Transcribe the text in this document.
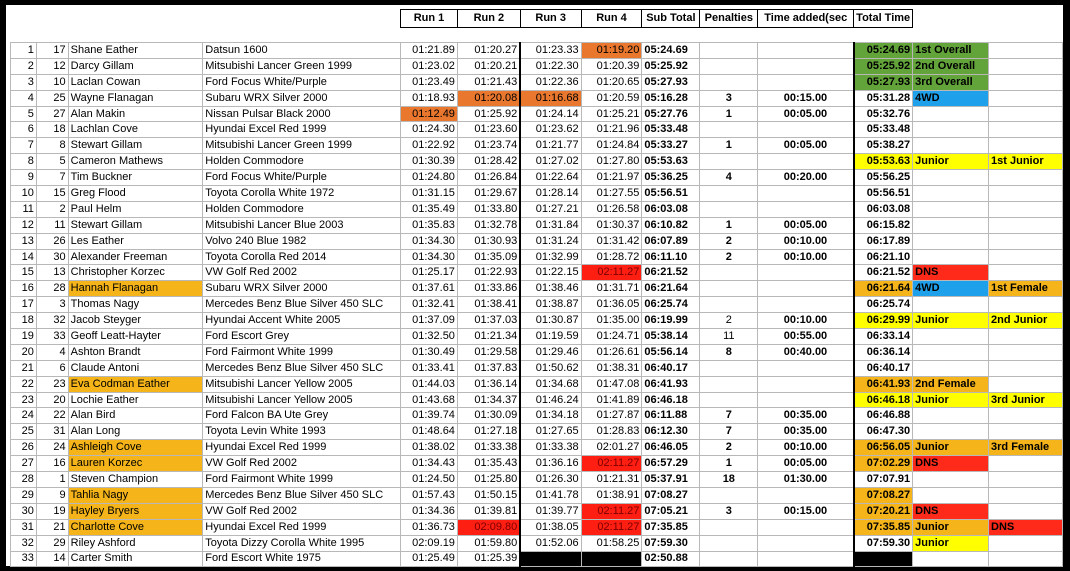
				Run 1	Run 2	Run 3	Run 4	Sub Total	Penalties	Time added(sec	Total Time		

1	17	Shane Eather	Datsun 1600	01:21.89	01:20.27	01:23.33	01:19.20	05:24.69			05:24.69	1st Overall	
2	12	Darcy Gillam	Mitsubishi Lancer Green 1999	01:23.02	01:20.21	01:22.30	01:20.39	05:25.92			05:25.92	2nd Overall	
3	10	Laclan Cowan	Ford Focus White/Purple	01:23.49	01:21.43	01:22.36	01:20.65	05:27.93			05:27.93	3rd Overall	
4	25	Wayne Flanagan	Subaru WRX Silver 2000	01:18.93	01:20.08	01:16.68	01:20.59	05:16.28	3	00:15.00	05:31.28	4WD	
5	27	Alan Makin	Nissan Pulsar Black 2000	01:12.49	01:25.92	01:24.14	01:25.21	05:27.76	1	00:05.00	05:32.76		
6	18	Lachlan Cove	Hyundai Excel Red 1999	01:24.30	01:23.60	01:23.62	01:21.96	05:33.48			05:33.48		
7	8	Stewart Gillam	Mitsubishi Lancer Green 1999	01:22.92	01:23.74	01:21.77	01:24.84	05:33.27	1	00:05.00	05:38.27		
8	5	Cameron Mathews	Holden Commodore	01:30.39	01:28.42	01:27.02	01:27.80	05:53.63			05:53.63	Junior	1st Junior
9	7	Tim Buckner	Ford Focus White/Purple	01:24.80	01:26.84	01:22.64	01:21.97	05:36.25	4	00:20.00	05:56.25		
10	15	Greg Flood	Toyota Corolla White 1972	01:31.15	01:29.67	01:28.14	01:27.55	05:56.51			05:56.51		
11	2	Paul Helm	Holden Commodore	01:35.49	01:33.80	01:27.21	01:26.58	06:03.08			06:03.08		
12	11	Stewart Gillam	Mitsubishi Lancer Blue 2003	01:35.83	01:32.78	01:31.84	01:30.37	06:10.82	1	00:05.00	06:15.82		
13	26	Les Eather	Volvo 240 Blue 1982	01:34.30	01:30.93	01:31.24	01:31.42	06:07.89	2	00:10.00	06:17.89		
14	30	Alexander Freeman	Toyota Corolla Red 2014	01:34.30	01:35.09	01:32.99	01:28.72	06:11.10	2	00:10.00	06:21.10		
15	13	Christopher Korzec	VW Golf Red 2002	01:25.17	01:22.93	01:22.15	02:11.27	06:21.52			06:21.52	DNS	
16	28	Hannah Flanagan	Subaru WRX Silver 2000	01:37.61	01:33.86	01:38.46	01:31.71	06:21.64			06:21.64	4WD	1st Female
17	3	Thomas Nagy	Mercedes Benz Blue Silver 450 SLC	01:32.41	01:38.41	01:38.87	01:36.05	06:25.74			06:25.74		
18	32	Jacob Steyger	Hyundai Accent White 2005	01:37.09	01:37.03	01:30.87	01:35.00	06:19.99	2	00:10.00	06:29.99	Junior	2nd Junior
19	33	Geoff Leatt-Hayter	Ford Escort Grey	01:32.50	01:21.34	01:19.59	01:24.71	05:38.14	11	00:55.00	06:33.14		
20	4	Ashton Brandt	Ford Fairmont White 1999	01:30.49	01:29.58	01:29.46	01:26.61	05:56.14	8	00:40.00	06:36.14		
21	6	Claude Antoni	Mercedes Benz Blue Silver 450 SLC	01:33.41	01:37.83	01:50.62	01:38.31	06:40.17			06:40.17		
22	23	Eva Codman Eather	Mitsubishi Lancer Yellow 2005	01:44.03	01:36.14	01:34.68	01:47.08	06:41.93			06:41.93	2nd Female	
23	20	Lochie Eather	Mitsubishi Lancer Yellow 2005	01:43.68	01:34.37	01:46.24	01:41.89	06:46.18			06:46.18	Junior	3rd Junior
24	22	Alan Bird	Ford Falcon BA Ute Grey	01:39.74	01:30.09	01:34.18	01:27.87	06:11.88	7	00:35.00	06:46.88		
25	31	Alan Long	Toyota Levin White 1993	01:48.64	01:27.18	01:27.65	01:28.83	06:12.30	7	00:35.00	06:47.30		
26	24	Ashleigh Cove	Hyundai Excel Red 1999	01:38.02	01:33.38	01:33.38	02:01.27	06:46.05	2	00:10.00	06:56.05	Junior	3rd Female
27	16	Lauren Korzec	VW Golf Red 2002	01:34.43	01:35.43	01:36.16	02:11.27	06:57.29	1	00:05.00	07:02.29	DNS	
28	1	Steven Champion	Ford Fairmont White 1999	01:24.50	01:25.80	01:26.30	01:21.31	05:37.91	18	01:30.00	07:07.91		
29	9	Tahlia Nagy	Mercedes Benz Blue Silver 450 SLC	01:57.43	01:50.15	01:41.78	01:38.91	07:08.27			07:08.27		
30	19	Hayley Bryers	VW Golf Red 2002	01:34.36	01:39.81	01:39.77	02:11.27	07:05.21	3	00:15.00	07:20.21	DNS	
31	21	Charlotte Cove	Hyundai Excel Red 1999	01:36.73	02:09.80	01:38.05	02:11.27	07:35.85			07:35.85	Junior	DNS
32	29	Riley Ashford	Toyota Dizzy Corolla White 1995	02:09.19	01:59.80	01:52.06	01:58.25	07:59.30			07:59.30	Junior	
33	14	Carter Smith	Ford Escort White 1975	01:25.49	01:25.39			02:50.88					
